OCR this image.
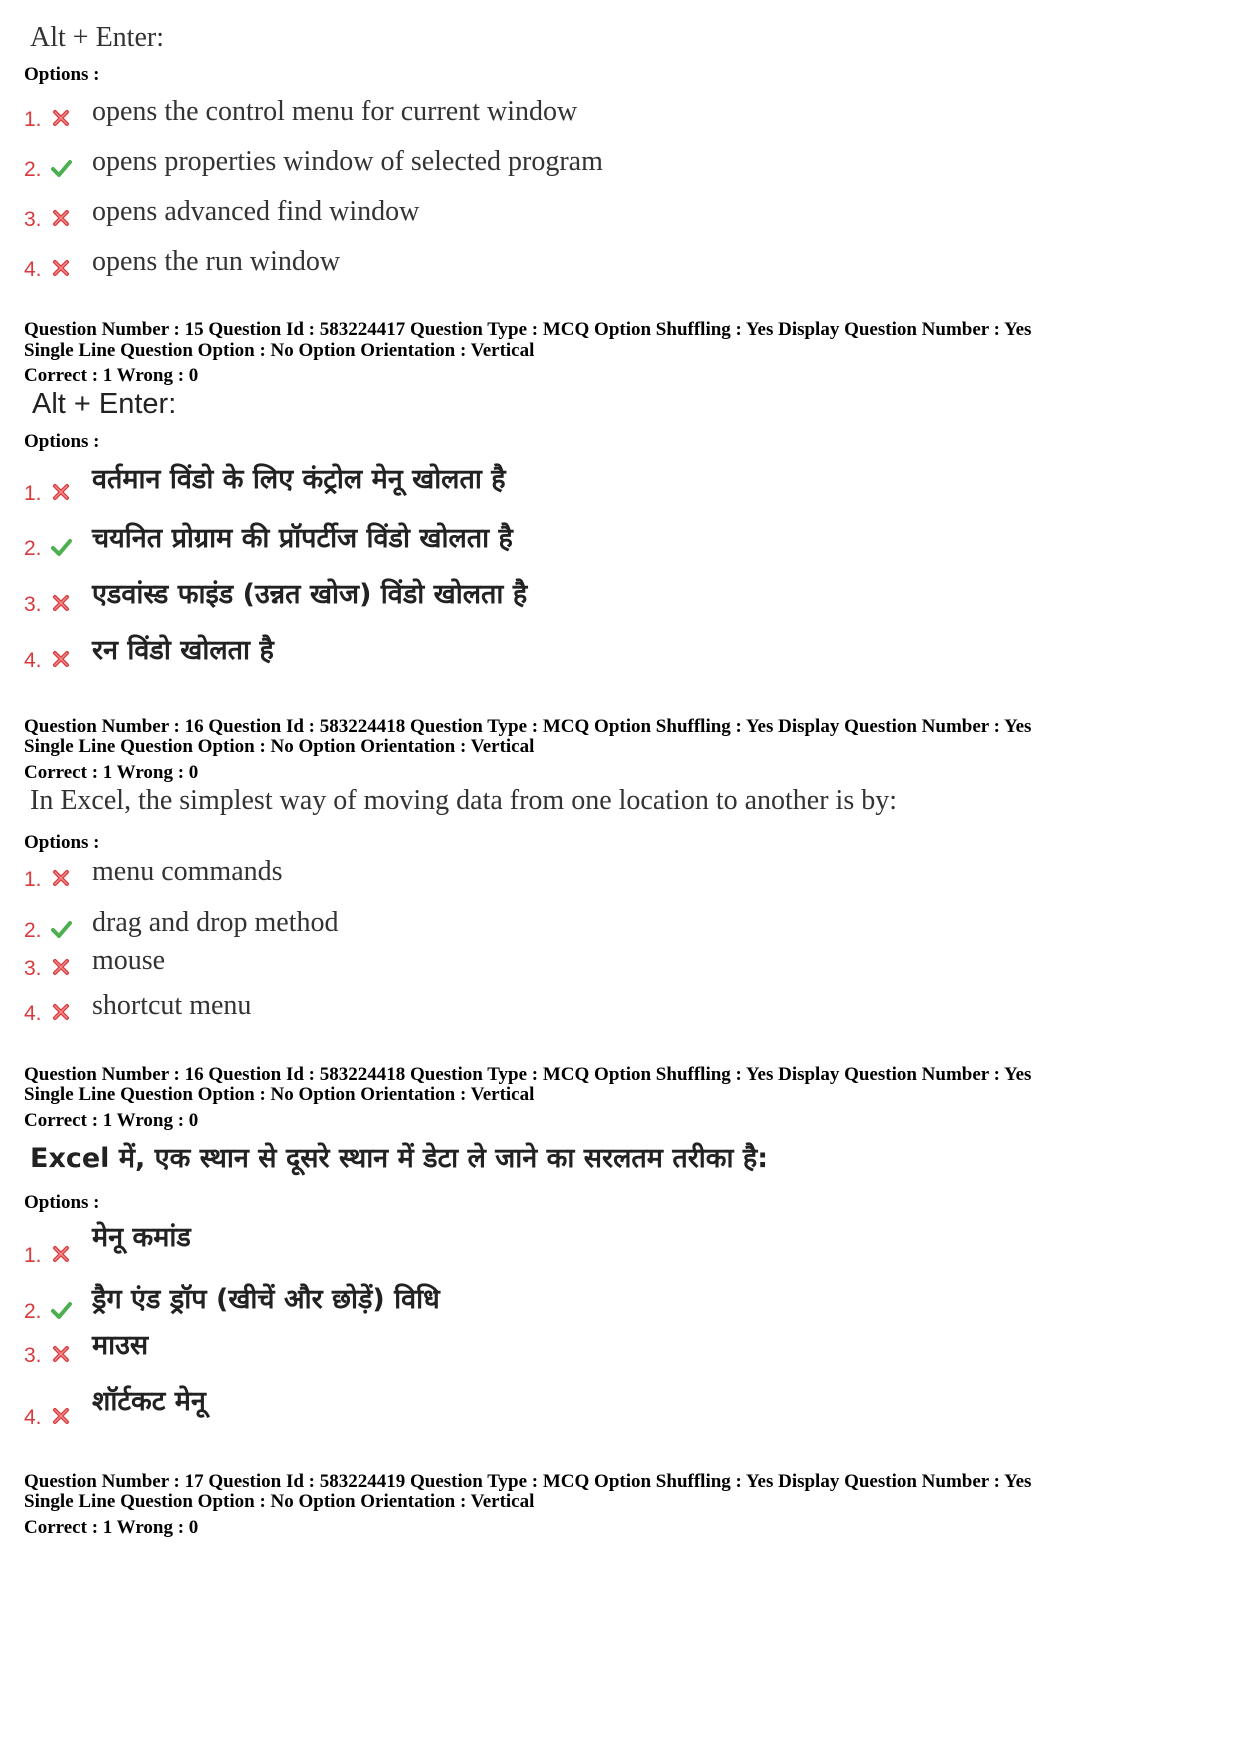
Alt + Enter:
Options :
1. opens the control menu for current window
2. opens properties window of selected program
3. opens advanced find window
4. opens the run window
Question Number : 15 Question Id : 583224417 Question Type : MCQ Option Shuffling : Yes Display Question Number : Yes
Single Line Question Option : No Option Orientation : Vertical
Correct : 1 Wrong : 0
Alt + Enter:
Options :
1. वर्तमान विंडो के लिए कंट्रोल मेनू खोलता है
2. चयनित प्रोग्राम की प्रॉपर्टीज विंडो खोलता है
3. एडवांस्ड फाइंड (उन्नत खोज) विंडो खोलता है
4. रन विंडो खोलता है
Question Number : 16 Question Id : 583224418 Question Type : MCQ Option Shuffling : Yes Display Question Number : Yes
Single Line Question Option : No Option Orientation : Vertical
Correct : 1 Wrong : 0
In Excel, the simplest way of moving data from one location to another is by:
Options :
1. menu commands
2. drag and drop method
3. mouse
4. shortcut menu
Question Number : 16 Question Id : 583224418 Question Type : MCQ Option Shuffling : Yes Display Question Number : Yes
Single Line Question Option : No Option Orientation : Vertical
Correct : 1 Wrong : 0
Excel में, एक स्थान से दूसरे स्थान में डेटा ले जाने का सरलतम तरीका है:
Options :
1.
मेनू कमांड
2. ड्रैग एंड ड्रॉप (खीचें और छोड़ें) विधि
3. माउस
4.
शॉर्टकट मेनू
Question Number : 17 Question Id : 583224419 Question Type : MCQ Option Shuffling : Yes Display Question Number : Yes
Single Line Question Option : No Option Orientation : Vertical
Correct : 1 Wrong : 0
